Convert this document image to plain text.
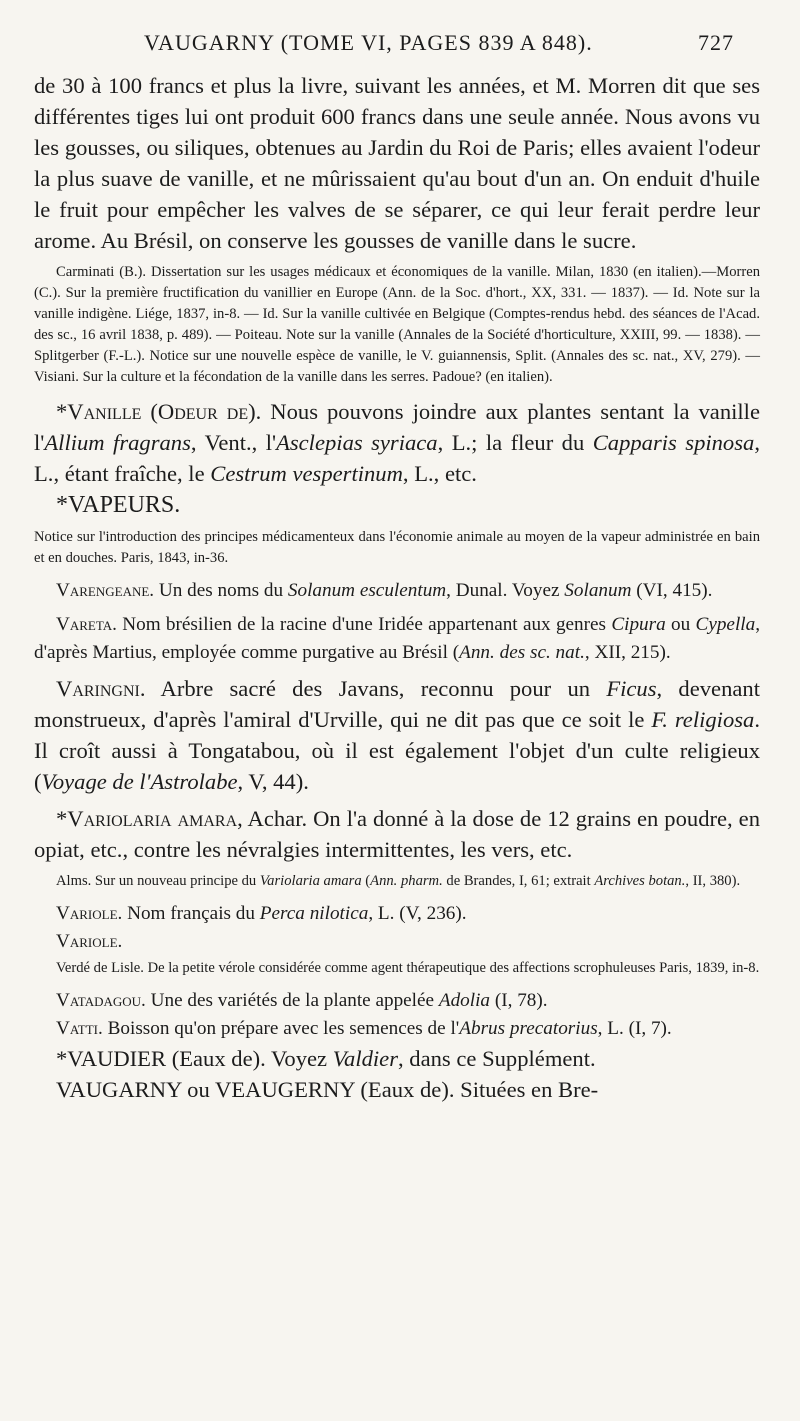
VAUGARNY (TOME VI, PAGES 839 A 848).	727

de 30 à 100 francs et plus la livre, suivant les années, et M. Morren dit que ses différentes tiges lui ont produit 600 francs dans une seule année. Nous avons vu les gousses, ou siliques, obtenues au Jardin du Roi de Paris; elles avaient l'odeur la plus suave de vanille, et ne mûrissaient qu'au bout d'un an. On enduit d'huile le fruit pour empêcher les valves de se séparer, ce qui leur ferait perdre leur arome. Au Brésil, on conserve les gousses de vanille dans le sucre.

Carminati (B.). Dissertation sur les usages médicaux et économiques de la vanille. Milan, 1830 (en italien).—Morren (C.). Sur la première fructification du vanillier en Europe (Ann. de la Soc. d'hort., XX, 331. — 1837). — Id. Note sur la vanille indigène. Liége, 1837, in-8. — Id. Sur la vanille cultivée en Belgique (Comptes-rendus hebd. des séances de l'Acad. des sc., 16 avril 1838, p. 489). — Poiteau. Note sur la vanille (Annales de la Société d'horticulture, XXIII, 99. — 1838). — Splitgerber (F.-L.). Notice sur une nouvelle espèce de vanille, le V. guiannensis, Split. (Annales des sc. nat., XV, 279). —Visiani. Sur la culture et la fécondation de la vanille dans les serres. Padoue? (en italien).

*Vanille (Odeur de). Nous pouvons joindre aux plantes sentant la vanille l'Allium fragrans, Vent., l'Asclepias syriaca, L.; la fleur du Capparis spinosa, L., étant fraîche, le Cestrum vespertinum, L., etc.

*VAPEURS.

Notice sur l'introduction des principes médicamenteux dans l'économie animale au moyen de la vapeur administrée en bain et en douches. Paris, 1843, in-36.

Varengeane. Un des noms du Solanum esculentum, Dunal. Voyez Solanum (VI, 415).

Vareta. Nom brésilien de la racine d'une Iridée appartenant aux genres Cipura ou Cypella, d'après Martius, employée comme purgative au Brésil (Ann. des sc. nat., XII, 215).

Varingni. Arbre sacré des Javans, reconnu pour un Ficus, devenant monstrueux, d'après l'amiral d'Urville, qui ne dit pas que ce soit le F. religiosa. Il croît aussi à Tongatabou, où il est également l'objet d'un culte religieux (Voyage de l'Astrolabe, V, 44).

*Variolaria amara, Achar. On l'a donné à la dose de 12 grains en poudre, en opiat, etc., contre les névralgies intermittentes, les vers, etc.

Alms. Sur un nouveau principe du Variolaria amara (Ann. pharm. de Brandes, I, 61; extrait Archives botan., II, 380).

Variole. Nom français du Perca nilotica, L. (V, 236).

Variole.

Verdé de Lisle. De la petite vérole considérée comme agent thérapeutique des affections scrophuleuses Paris, 1839, in-8.

Vatadagou. Une des variétés de la plante appelée Adolia (I, 78).

Vatti. Boisson qu'on prépare avec les semences de l'Abrus precatorius, L. (I, 7).

*VAUDIER (Eaux de). Voyez Valdier, dans ce Supplément.

VAUGARNY ou VEAUGERNY (Eaux de). Situées en Bre-
